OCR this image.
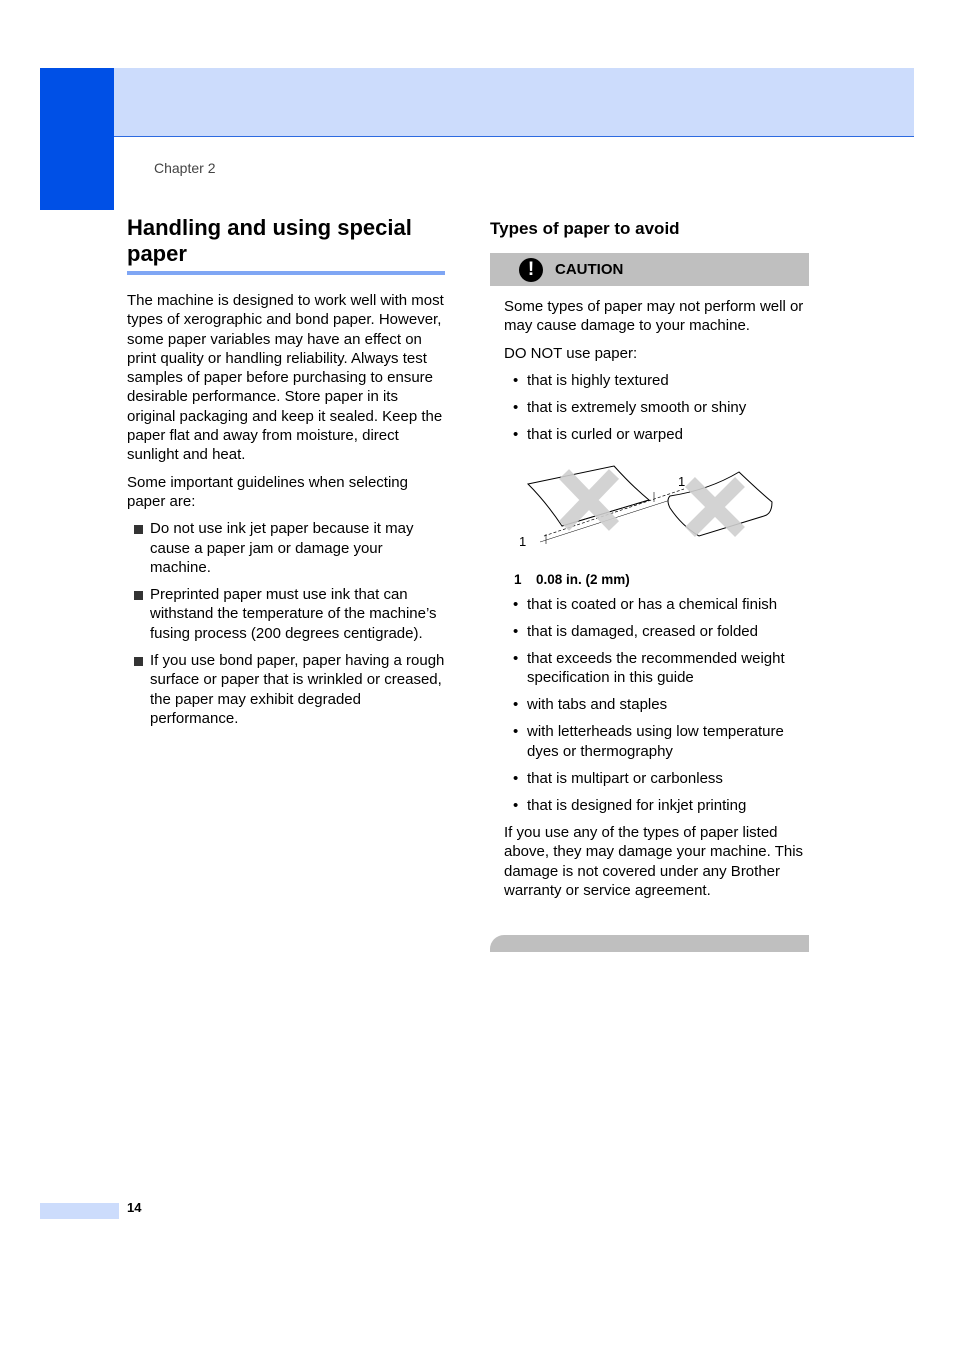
Chapter 2
Handling and using special paper

The machine is designed to work well with most types of xerographic and bond paper. However, some paper variables may have an effect on print quality or handling reliability. Always test samples of paper before purchasing to ensure desirable performance. Store paper in its original packaging and keep it sealed. Keep the paper flat and away from moisture, direct sunlight and heat.

Some important guidelines when selecting paper are:

Do not use ink jet paper because it may cause a paper jam or damage your machine.
Preprinted paper must use ink that can withstand the temperature of the machine’s fusing process (200 degrees centigrade).
If you use bond paper, paper having a rough surface or paper that is wrinkled or creased, the paper may exhibit degraded performance.
Types of paper to avoid
!	CAUTION

Some types of paper may not perform well or may cause damage to your machine.

DO NOT use paper:

• that is highly textured
• that is extremely smooth or shiny
• that is curled or warped
1
1
1 0.08 in. (2 mm)
• that is coated or has a chemical finish
• that is damaged, creased or folded
• that exceeds the recommended weight specification in this guide
• with tabs and staples
• with letterheads using low temperature dyes or thermography
• that is multipart or carbonless
• that is designed for inkjet printing

If you use any of the types of paper listed above, they may damage your machine. This damage is not covered under any Brother warranty or service agreement.

14
